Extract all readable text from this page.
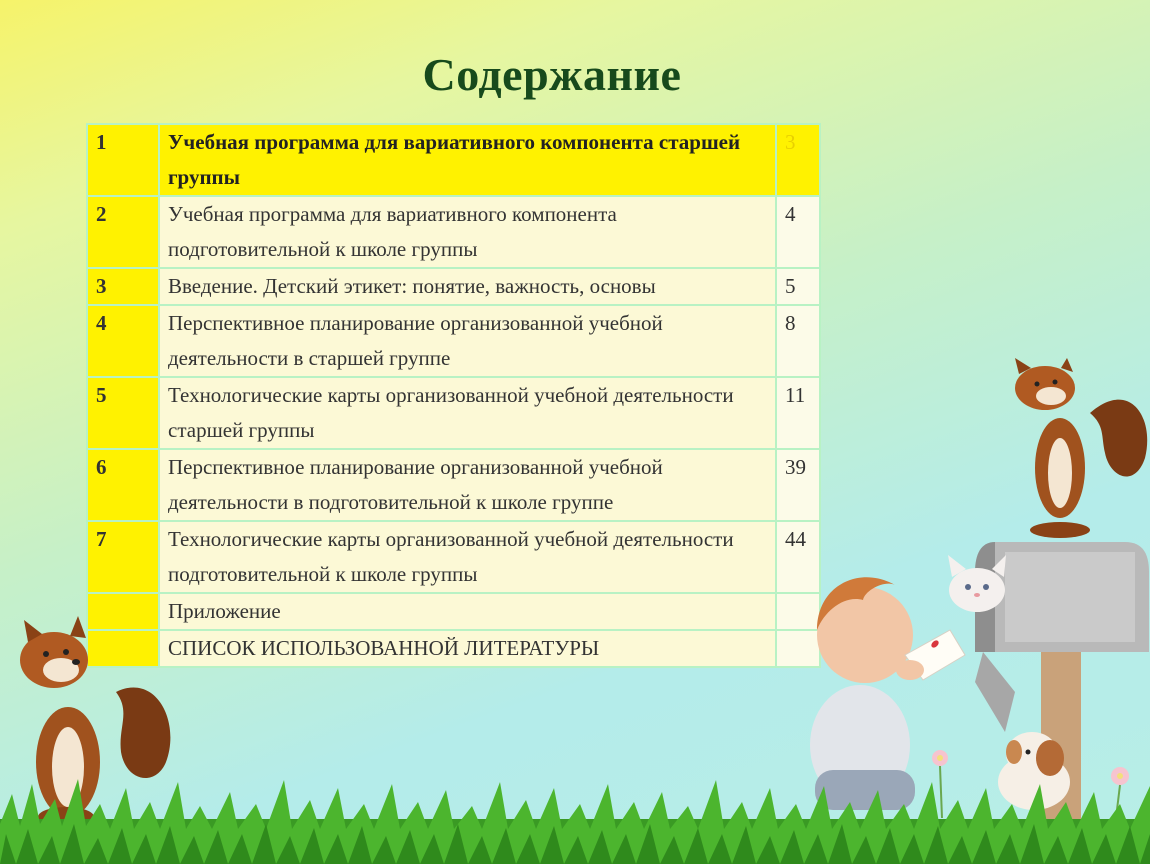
Содержание
1	Учебная программа для вариативного компонента старшей группы	3
2	Учебная программа для вариативного компонента подготовительной к школе группы	4
3	Введение. Детский этикет: понятие, важность, основы	5
4	Перспективное планирование организованной учебной деятельности в старшей группе	8
5	Технологические карты организованной учебной деятельности старшей группы	11
6	Перспективное планирование организованной учебной деятельности в подготовительной к школе группе	39
7	Технологические карты организованной учебной деятельности подготовительной к школе группы	44
	Приложение	
	СПИСОК ИСПОЛЬЗОВАННОЙ ЛИТЕРАТУРЫ	
